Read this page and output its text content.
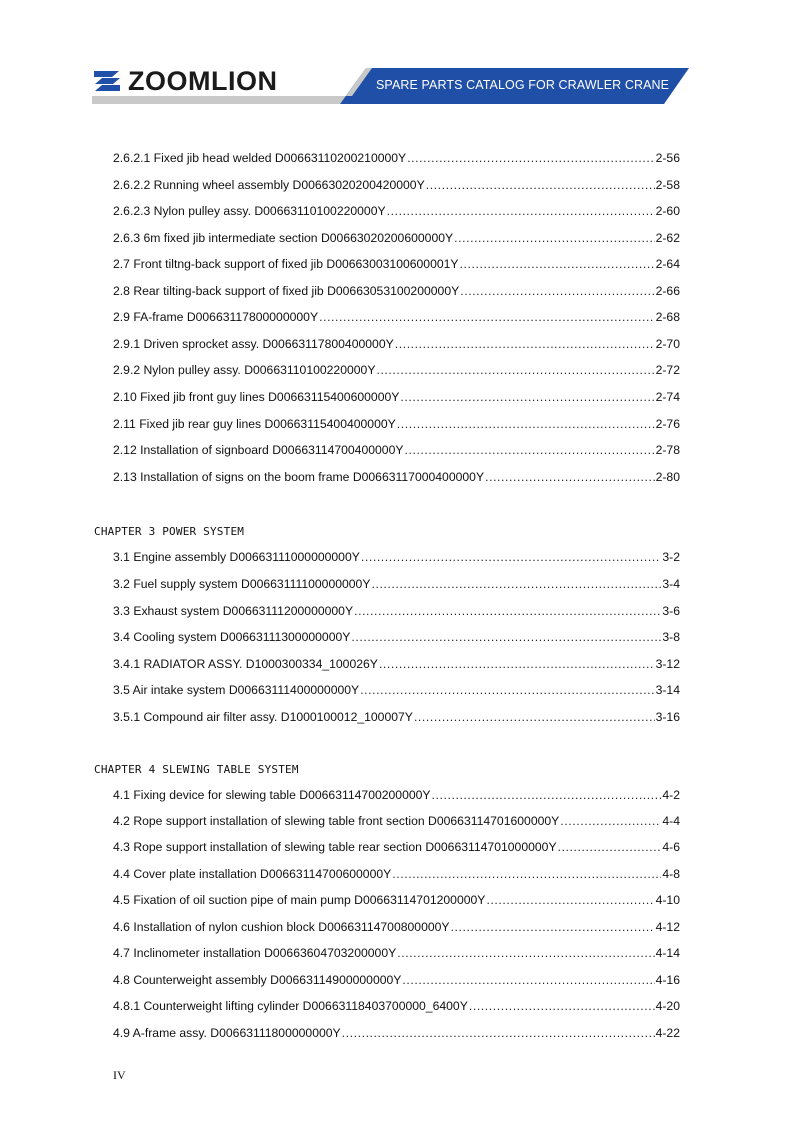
ZOOMLION	SPARE PARTS CATALOG FOR CRAWLER CRANE
2.6.2.1 Fixed jib head welded D00663110200210000Y .....	2-56
2.6.2.2 Running wheel assembly D00663020200420000Y .....	2-58
2.6.2.3 Nylon pulley assy. D00663110100220000Y .....	2-60
2.6.3 6m fixed jib intermediate section D00663020200600000Y .....	2-62
2.7 Front tiltng-back support of fixed jib D00663003100600001Y .....	2-64
2.8 Rear tilting-back support of fixed jib D00663053100200000Y .....	2-66
2.9 FA-frame D00663117800000000Y .....	2-68
2.9.1 Driven sprocket assy. D00663117800400000Y .....	2-70
2.9.2 Nylon pulley assy. D00663110100220000Y .....	2-72
2.10 Fixed jib front guy lines D00663115400600000Y .....	2-74
2.11 Fixed jib rear guy lines D00663115400400000Y .....	2-76
2.12 Installation of signboard D00663114700400000Y .....	2-78
2.13 Installation of signs on the boom frame D00663117000400000Y .....	2-80
CHAPTER 3 POWER SYSTEM
3.1 Engine assembly D00663111000000000Y .....	3-2
3.2 Fuel supply system D00663111100000000Y .....	3-4
3.3 Exhaust system D00663111200000000Y .....	3-6
3.4 Cooling system D00663111300000000Y .....	3-8
3.4.1 RADIATOR ASSY. D1000300334_100026Y .....	3-12
3.5 Air intake system D00663111400000000Y .....	3-14
3.5.1 Compound air filter assy. D1000100012_100007Y .....	3-16
CHAPTER 4 SLEWING TABLE SYSTEM
4.1 Fixing device for slewing table D00663114700200000Y .....	4-2
4.2 Rope support installation of slewing table front section D00663114701600000Y .....	4-4
4.3 Rope support installation of slewing table rear section D00663114701000000Y .....	4-6
4.4 Cover plate installation D00663114700600000Y .....	4-8
4.5 Fixation of oil suction pipe of main pump D00663114701200000Y .....	4-10
4.6 Installation of nylon cushion block D00663114700800000Y .....	4-12
4.7 Inclinometer installation D00663604703200000Y .....	4-14
4.8 Counterweight assembly D00663114900000000Y .....	4-16
4.8.1 Counterweight lifting cylinder D00663118403700000_6400Y .....	4-20
4.9 A-frame assy. D00663111800000000Y .....	4-22
IV
